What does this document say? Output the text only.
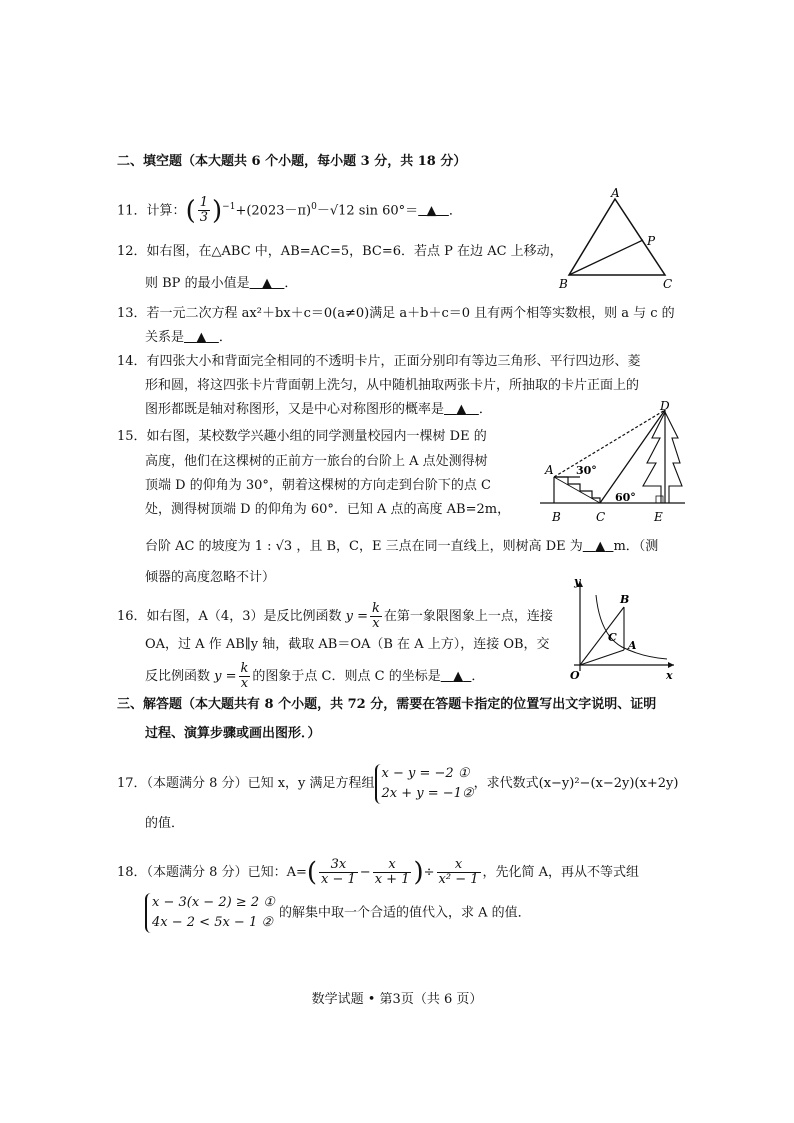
二、填空题（本大题共 6 个小题，每小题 3 分，共 18 分）
11．计算：( $\frac{1}{3} )^{-1}+(2023-\pi)^0-√12$ sin 60°＝ ▲ ．
A
B	C
P
12．如右图，在△ABC 中，AB=AC=5，BC=6．若点 P 在边 AC 上移动，
则 BP 的最小值是 ▲ ．
13．若一元二次方程 ax²＋bx＋c＝0(a≠0)满足 a＋b＋c＝0 且有两个相等实数根，则 a 与 c 的
关系是 ▲ ．
14．有四张大小和背面完全相同的不透明卡片，正面分别印有等边三角形、平行四边形、菱
形和圆，将这四张卡片背面朝上洗匀，从中随机抽取两张卡片，所抽取的卡片正面上的
图形都既是轴对称图形，又是中心对称图形的概率是 ▲ ．
15．如右图，某校数学兴趣小组的同学测量校园内一棵树 DE 的
高度，他们在这棵树的正前方一旅台的台阶上 A 点处测得树
顶端 D 的仰角为 30°，朝着这棵树的方向走到台阶下的点 C
处，测得树顶端 D 的仰角为 60°．已知 A 点的高度 AB=2m，
台阶 AC 的坡度为 1 : √3 ，且 B，C，E 三点在同一直线上，则树高 DE 为 ▲ m．（测
倾器的高度忽略不计）
D
A
B	C	E
30°
60°
16．如右图，A（4，3）是反比例函数 $y = \frac{k}{x}$ 在第一象限图象上一点，连接
OA，过 A 作 AB∥y 轴，截取 AB＝OA（B 在 A 上方），连接 OB，交
反比例函数 $y = \frac{k}{x}$ 的图象于点 C．则点 C 的坐标是 ▲ ．
y
x
O
B
C
A
三、解答题（本大题共有 8 个小题，共 72 分，需要在答题卡指定的位置写出文字说明、证明
过程、演算步骤或画出图形．）
17．（本题满分 8 分）已知 x，y 满足方程组
x − y = −2 ①
2x + y = −1②
，求代数式(x−y)²−(x−2y)(x+2y)
的值．
18．（本题满分 8 分）已知：$A=( \frac{3x}{x - 1} - \frac{x}{x + 1}$ )÷ $\frac{x}{\text{x² − 1}}$ ，先化简 A，再从不等式组
x − 3(x − 2) ≥ 2 ①
4x − 2 < 5x − 1 ②
的解集中取一个合适的值代入，求 A 的值．
数学试题 • 第3页（共 6 页）
